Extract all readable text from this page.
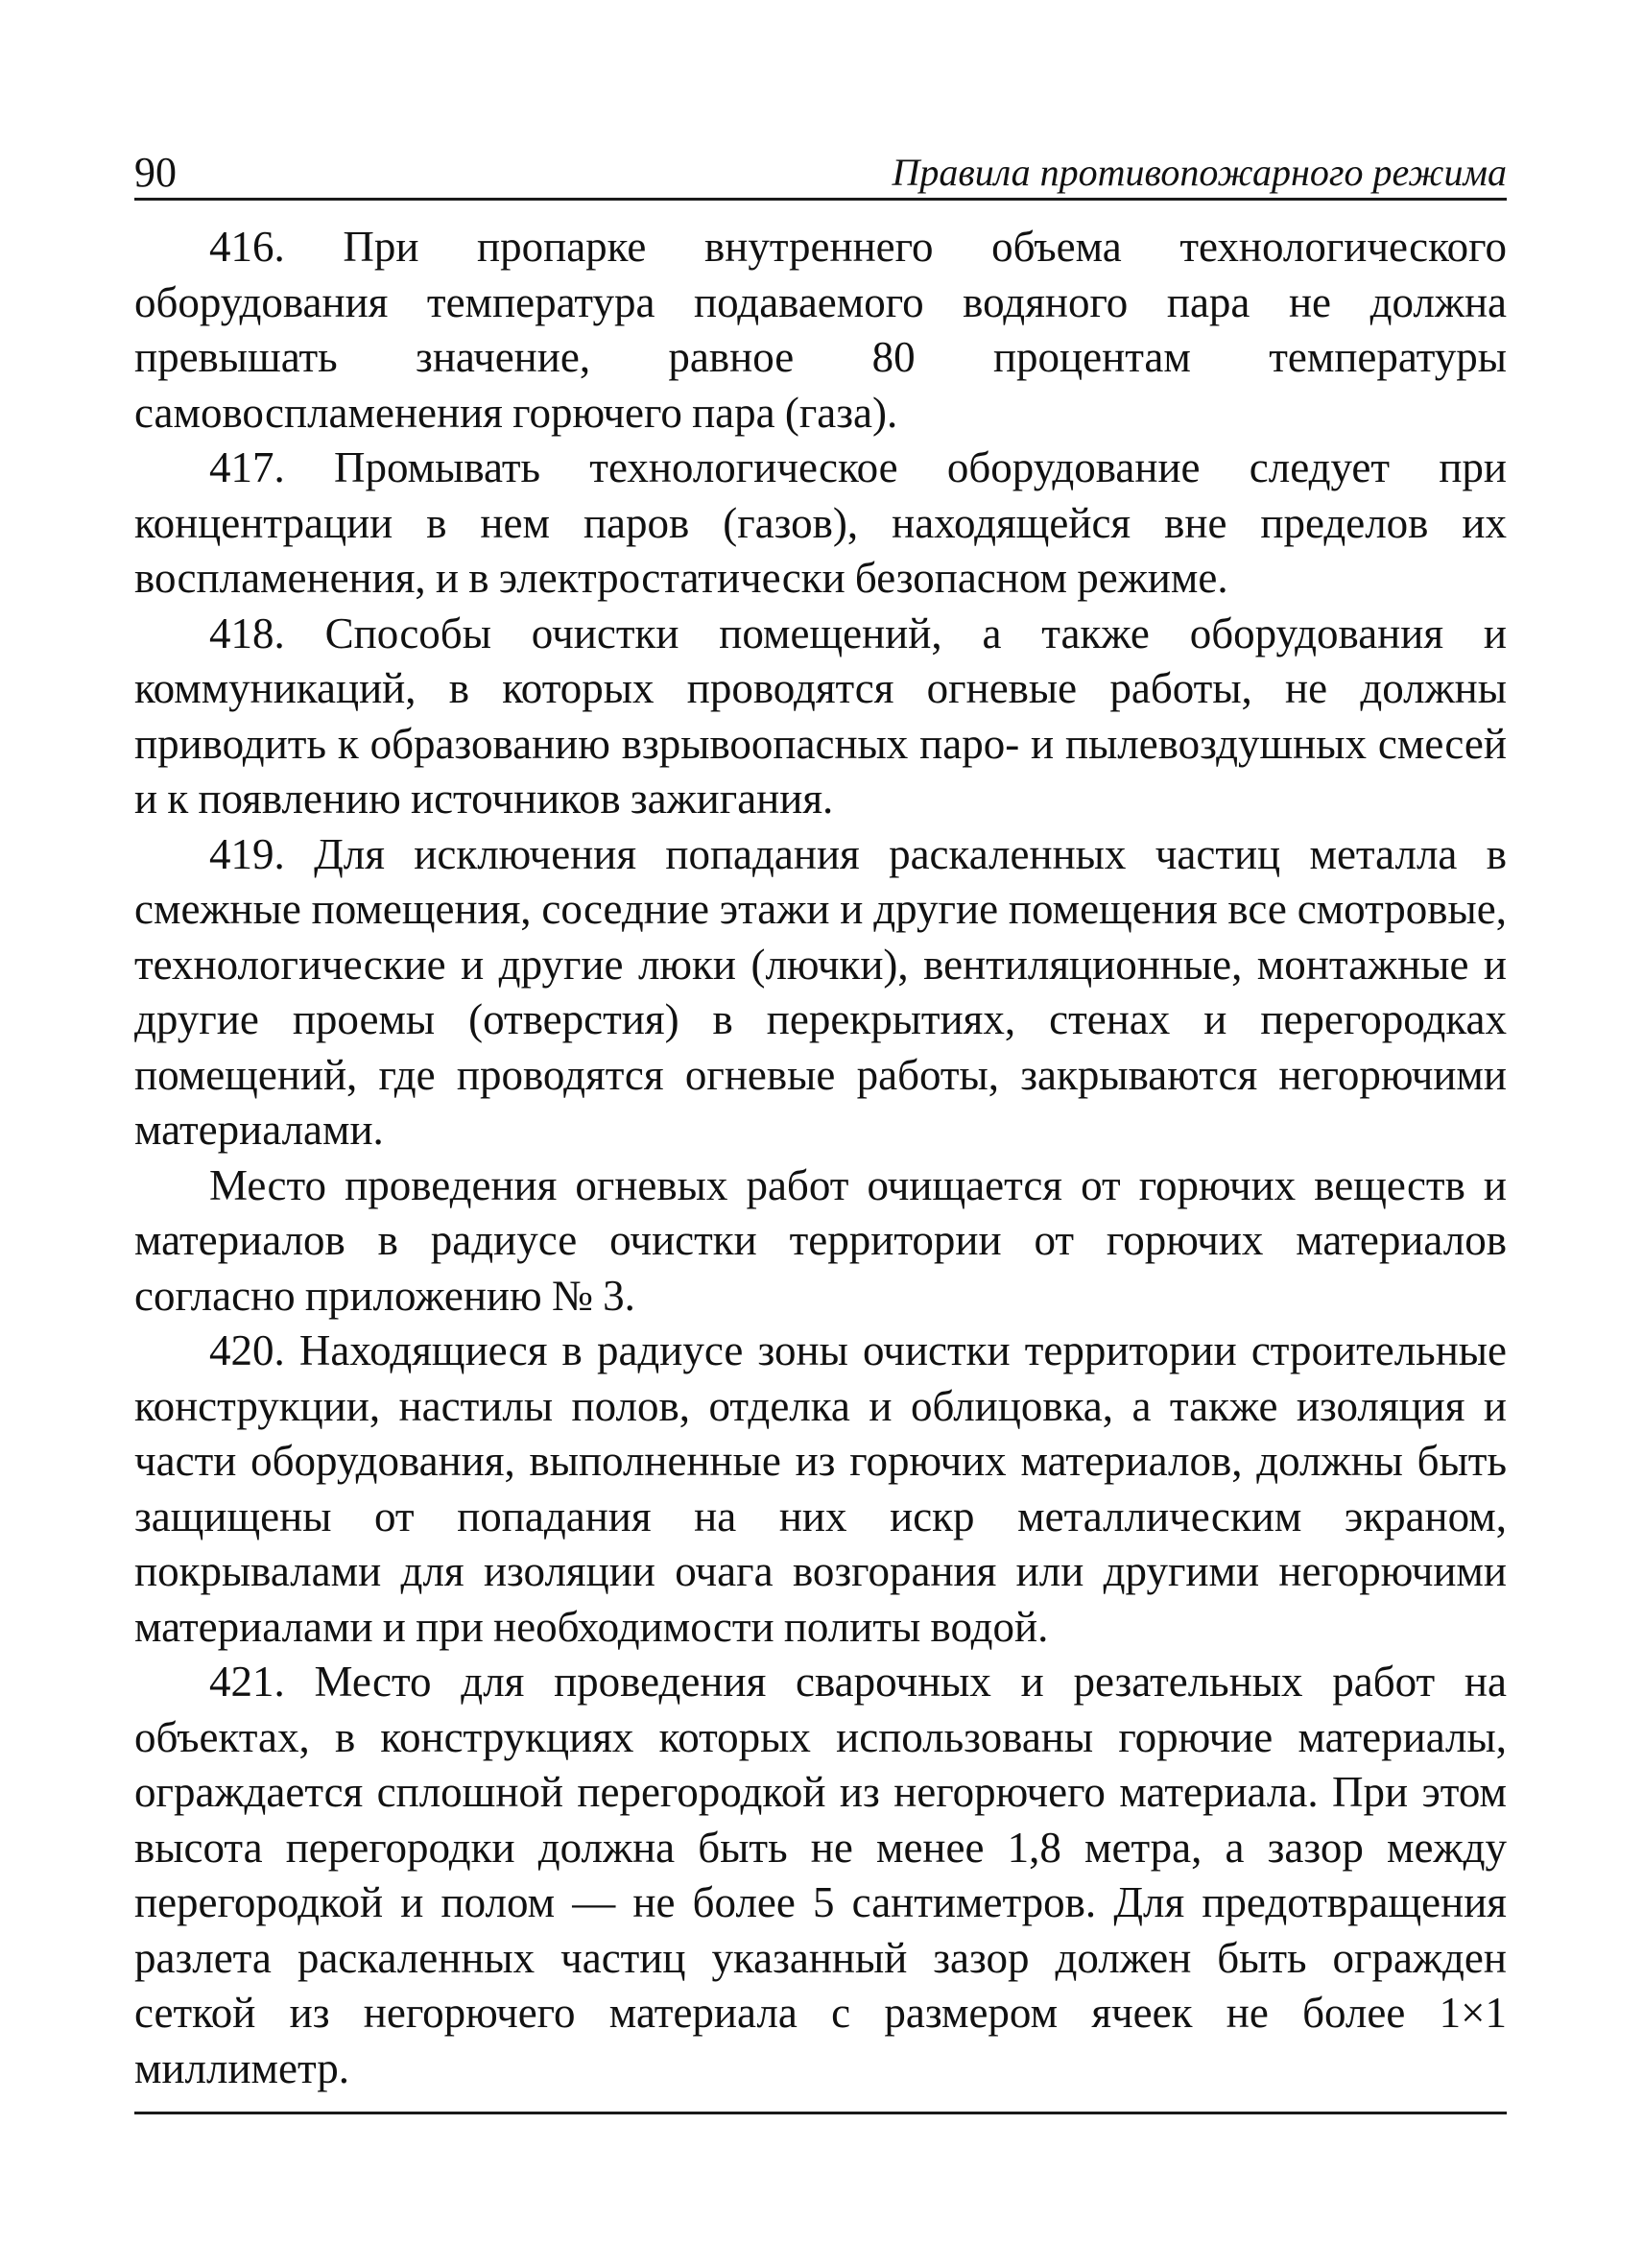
90	Правила противопожарного режима

416. При пропарке внутреннего объема технологического оборудования температура подаваемого водяного пара не должна превышать значение, равное 80 процентам температуры самовоспламенения горючего пара (газа).

417. Промывать технологическое оборудование следует при концентрации в нем паров (газов), находящейся вне пределов их воспламенения, и в электростатически безопасном режиме.

418. Способы очистки помещений, а также оборудования и коммуникаций, в которых проводятся огневые работы, не должны приводить к образованию взрывоопасных паро- и пылевоздушных смесей и к появлению источников зажигания.

419. Для исключения попадания раскаленных частиц металла в смежные помещения, соседние этажи и другие помещения все смотровые, технологические и другие люки (лючки), вентиляционные, монтажные и другие проемы (отверстия) в перекрытиях, стенах и перегородках помещений, где проводятся огневые работы, закрываются негорючими материалами.

Место проведения огневых работ очищается от горючих веществ и материалов в радиусе очистки территории от горючих материалов согласно приложению № 3.

420. Находящиеся в радиусе зоны очистки территории строительные конструкции, настилы полов, отделка и облицовка, а также изоляция и части оборудования, выполненные из горючих материалов, должны быть защищены от попадания на них искр металлическим экраном, покрывалами для изоляции очага возгорания или другими негорючими материалами и при необходимости политы водой.

421. Место для проведения сварочных и резательных работ на объектах, в конструкциях которых использованы горючие материалы, ограждается сплошной перегородкой из негорючего материала. При этом высота перегородки должна быть не менее 1,8 метра, а зазор между перегородкой и полом — не более 5 сантиметров. Для предотвращения разлета раскаленных частиц указанный зазор должен быть огражден сеткой из негорючего материала с размером ячеек не более 1×1 миллиметр.
